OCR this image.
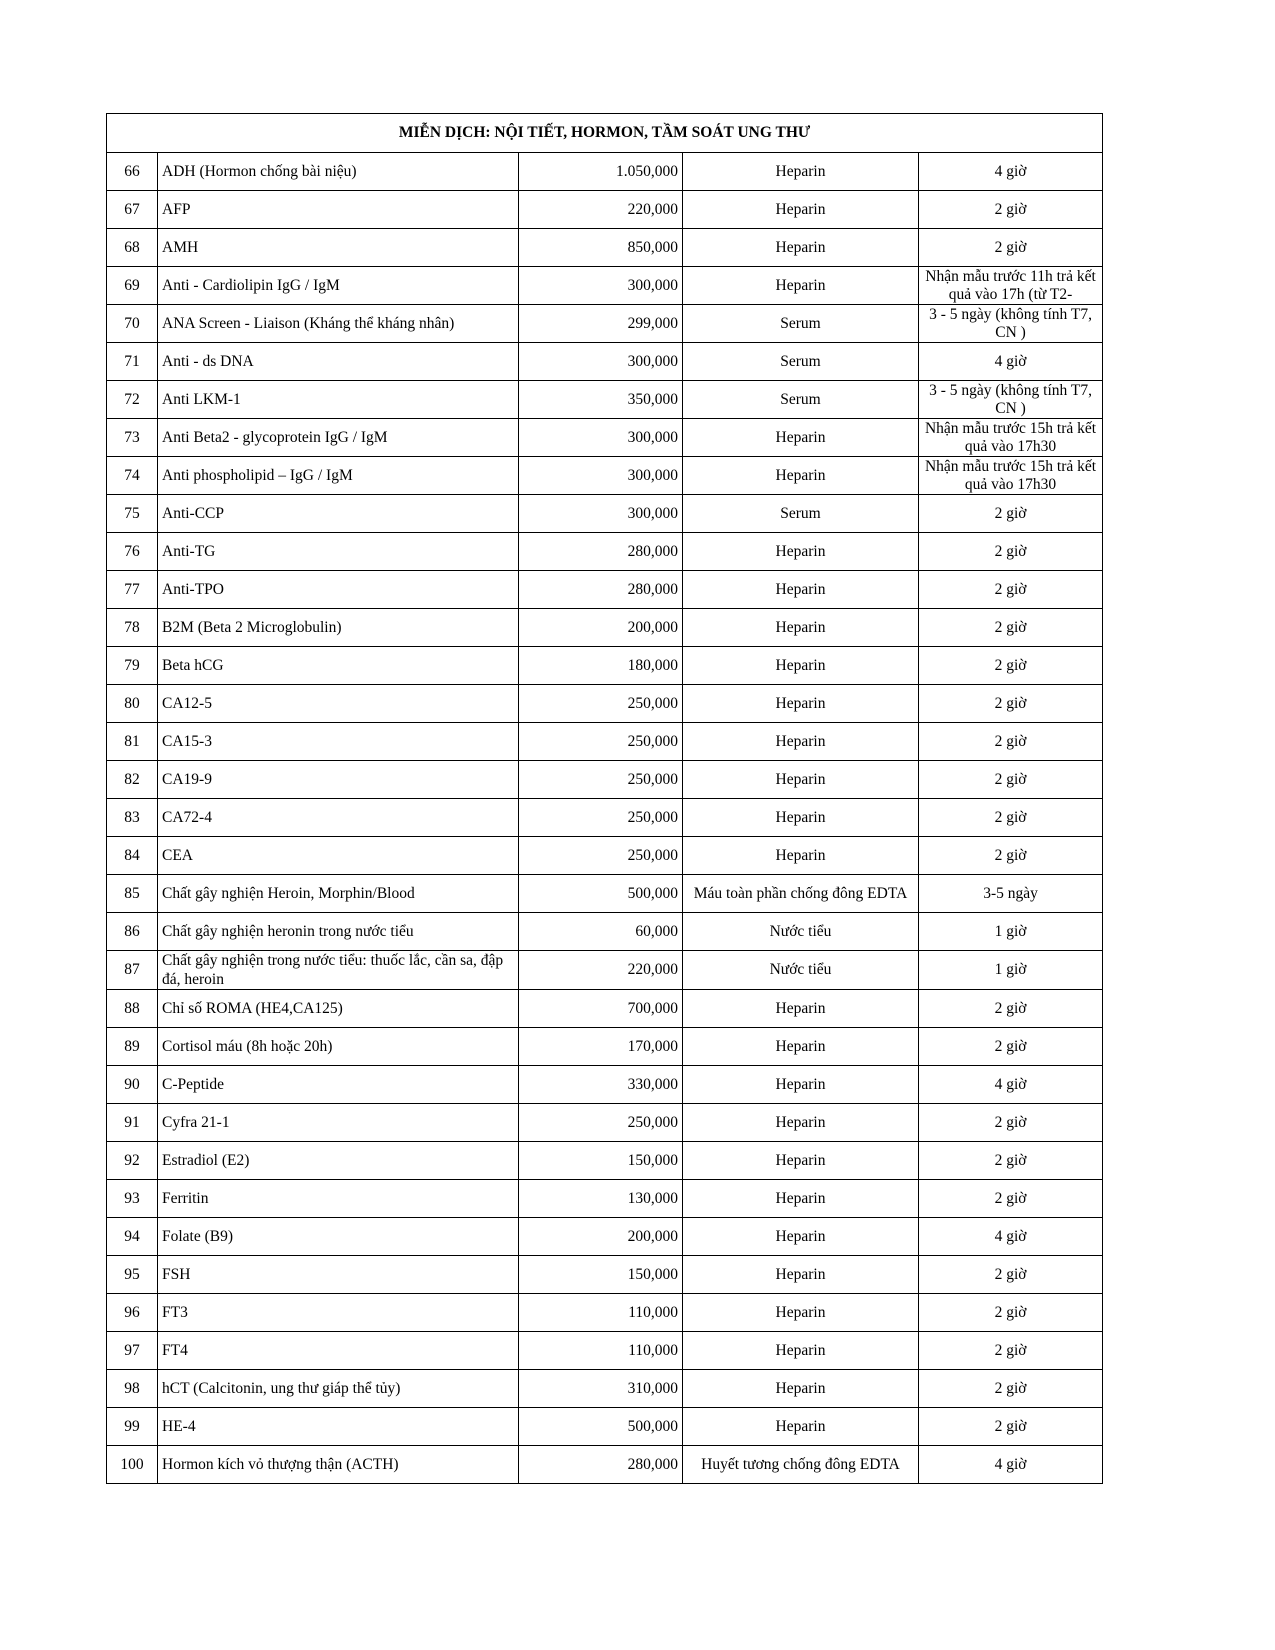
MIỄN DỊCH: NỘI TIẾT, HORMON, TẦM SOÁT UNG THƯ				

66	ADH (Hormon chống bài niệu)	1.050,000	Heparin	4 giờ

67	AFP	220,000	Heparin	2 giờ

68	AMH	850,000	Heparin	2 giờ

69	Anti - Cardiolipin IgG / IgM	300,000	Heparin	Nhận mẫu trước 11h trả kết quả vào 17h (từ T2-

70	ANA Screen - Liaison (Kháng thể kháng nhân)	299,000	Serum	3 - 5 ngày (không tính T7, CN )

71	Anti - ds DNA	300,000	Serum	4 giờ

72	Anti LKM-1	350,000	Serum	3 - 5 ngày (không tính T7, CN )

73	Anti Beta2 - glycoprotein IgG / IgM	300,000	Heparin	Nhận mẫu trước 15h trả kết quả vào 17h30

74	Anti phospholipid – IgG / IgM	300,000	Heparin	Nhận mẫu trước 15h trả kết quả vào 17h30

75	Anti-CCP	300,000	Serum	2 giờ

76	Anti-TG	280,000	Heparin	2 giờ

77	Anti-TPO	280,000	Heparin	2 giờ

78	B2M (Beta 2 Microglobulin)	200,000	Heparin	2 giờ

79	Beta hCG	180,000	Heparin	2 giờ

80	CA12-5	250,000	Heparin	2 giờ

81	CA15-3	250,000	Heparin	2 giờ

82	CA19-9	250,000	Heparin	2 giờ

83	CA72-4	250,000	Heparin	2 giờ

84	CEA	250,000	Heparin	2 giờ

85	Chất gây nghiện Heroin, Morphin/Blood	500,000	Máu toàn phần chống đông EDTA	3-5 ngày

86	Chất gây nghiện heronin trong nước tiểu	60,000	Nước tiểu	1 giờ

87	Chất gây nghiện trong nước tiểu: thuốc lắc, cần sa, đập đá, heroin	220,000	Nước tiểu	1 giờ

88	Chỉ số ROMA (HE4,CA125)	700,000	Heparin	2 giờ

89	Cortisol máu (8h hoặc 20h)	170,000	Heparin	2 giờ

90	C-Peptide	330,000	Heparin	4 giờ

91	Cyfra 21-1	250,000	Heparin	2 giờ

92	Estradiol (E2)	150,000	Heparin	2 giờ

93	Ferritin	130,000	Heparin	2 giờ

94	Folate (B9)	200,000	Heparin	4 giờ

95	FSH	150,000	Heparin	2 giờ

96	FT3	110,000	Heparin	2 giờ

97	FT4	110,000	Heparin	2 giờ

98	hCT (Calcitonin, ung thư giáp thể tủy)	310,000	Heparin	2 giờ

99	HE-4	500,000	Heparin	2 giờ

100	Hormon kích vỏ thượng thận (ACTH)	280,000	Huyết tương chống đông EDTA	4 giờ
